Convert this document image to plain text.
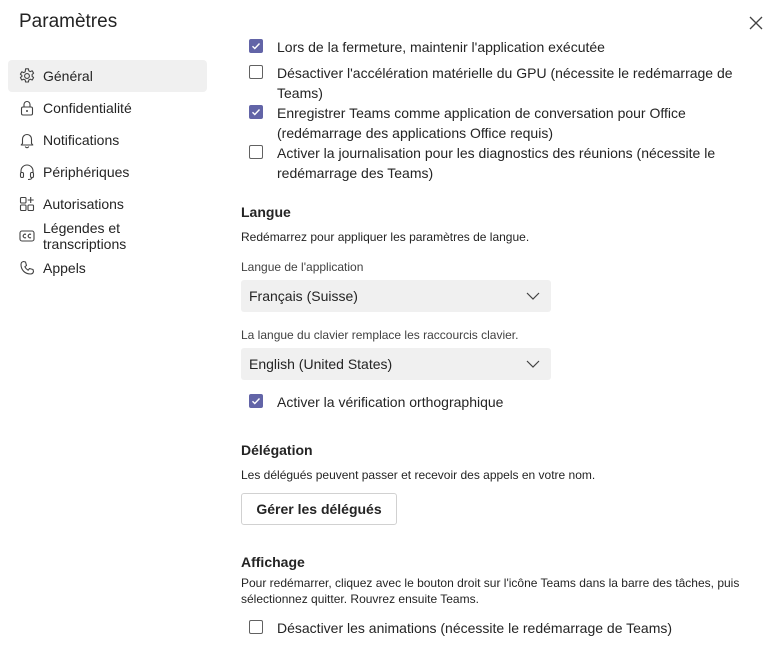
Paramètres
Général
Confidentialité
Notifications
Périphériques
Autorisations
Légendes et transcriptions
Appels
Lors de la fermeture, maintenir l'application exécutée
Désactiver l'accélération matérielle du GPU (nécessite le redémarrage de Teams)
Enregistrer Teams comme application de conversation pour Office (redémarrage des applications Office requis)
Activer la journalisation pour les diagnostics des réunions (nécessite le redémarrage des Teams)
Langue
Redémarrez pour appliquer les paramètres de langue.
Langue de l'application
Français (Suisse)
La langue du clavier remplace les raccourcis clavier.
English (United States)
Activer la vérification orthographique
Délégation
Les délégués peuvent passer et recevoir des appels en votre nom.
Gérer les délégués
Affichage
Pour redémarrer, cliquez avec le bouton droit sur l'icône Teams dans la barre des tâches, puis sélectionnez quitter. Rouvrez ensuite Teams.
Désactiver les animations (nécessite le redémarrage de Teams)
